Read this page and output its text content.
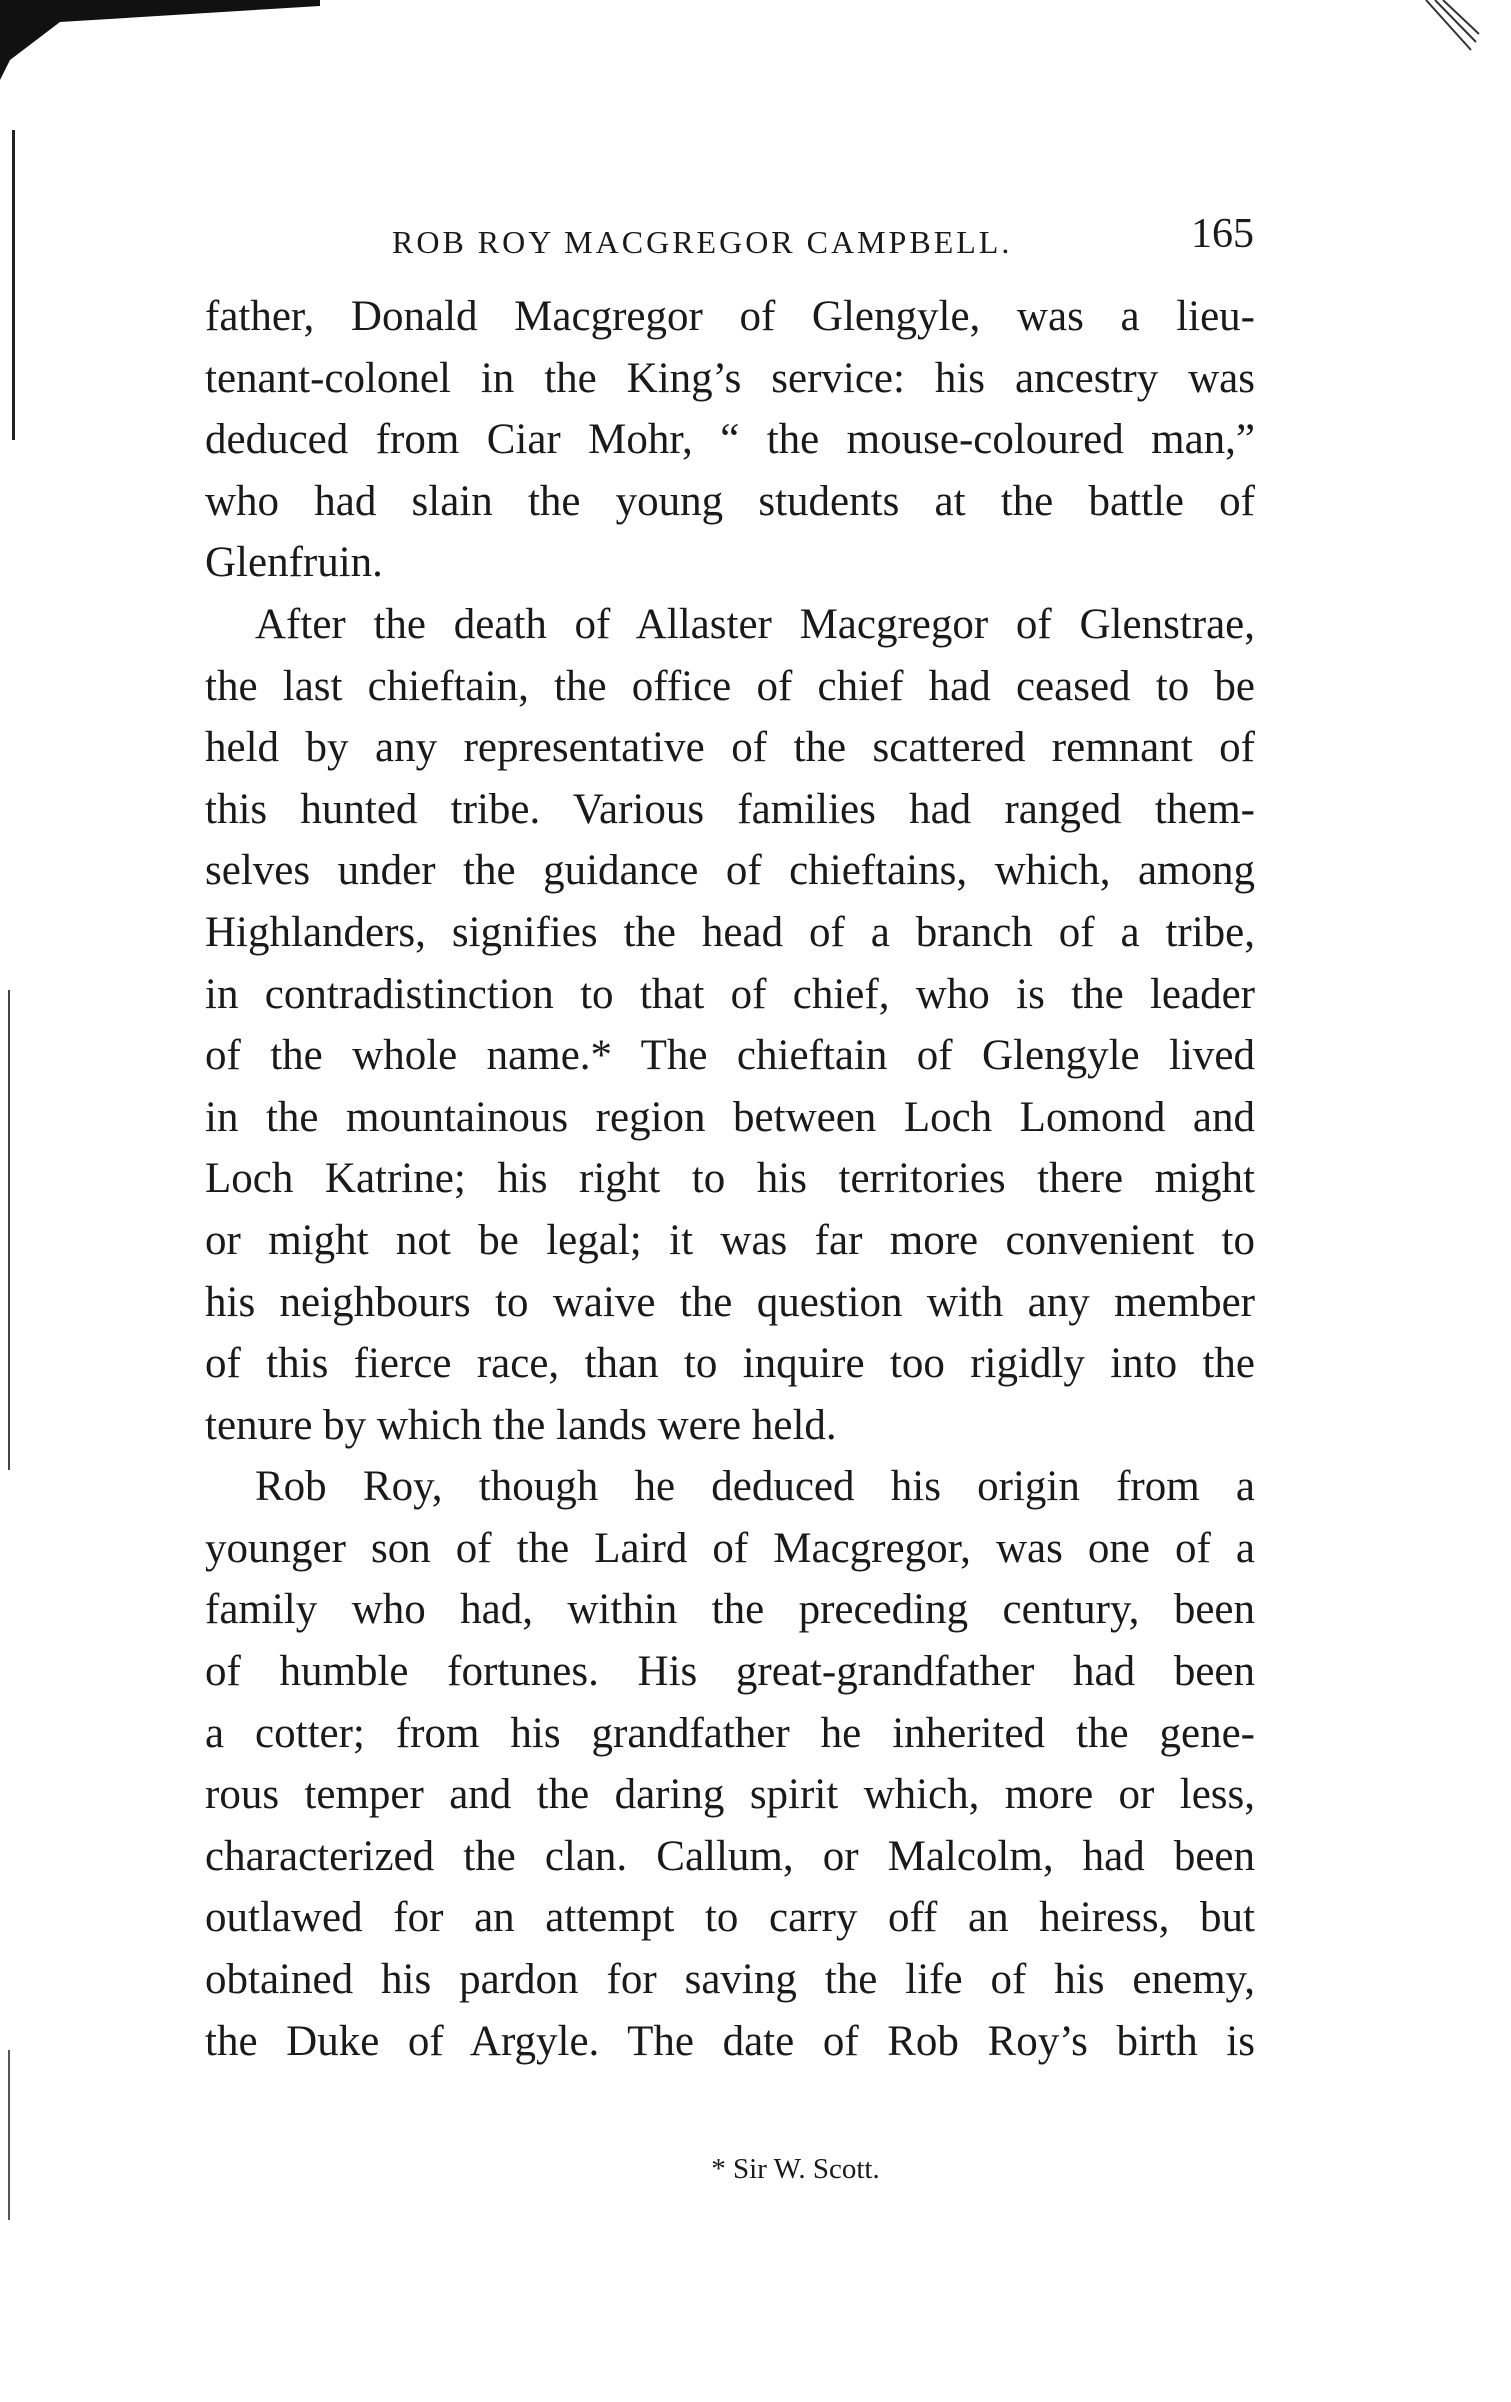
ROB ROY MACGREGOR CAMPBELL.	165
father, Donald Macgregor of Glengyle, was a lieu-
tenant-colonel in the King’s service: his ancestry was
deduced from Ciar Mohr, “ the mouse-coloured man,”
who had slain the young students at the battle of
Glenfruin.
After the death of Allaster Macgregor of Glenstrae,
the last chieftain, the office of chief had ceased to be
held by any representative of the scattered remnant of
this hunted tribe. Various families had ranged them-
selves under the guidance of chieftains, which, among
Highlanders, signifies the head of a branch of a tribe,
in contradistinction to that of chief, who is the leader
of the whole name.* The chieftain of Glengyle lived
in the mountainous region between Loch Lomond and
Loch Katrine; his right to his territories there might
or might not be legal; it was far more convenient to
his neighbours to waive the question with any member
of this fierce race, than to inquire too rigidly into the
tenure by which the lands were held.
Rob Roy, though he deduced his origin from a
younger son of the Laird of Macgregor, was one of a
family who had, within the preceding century, been
of humble fortunes. His great-grandfather had been
a cotter; from his grandfather he inherited the gene-
rous temper and the daring spirit which, more or less,
characterized the clan. Callum, or Malcolm, had been
outlawed for an attempt to carry off an heiress, but
obtained his pardon for saving the life of his enemy,
the Duke of Argyle. The date of Rob Roy’s birth is
* Sir W. Scott.
